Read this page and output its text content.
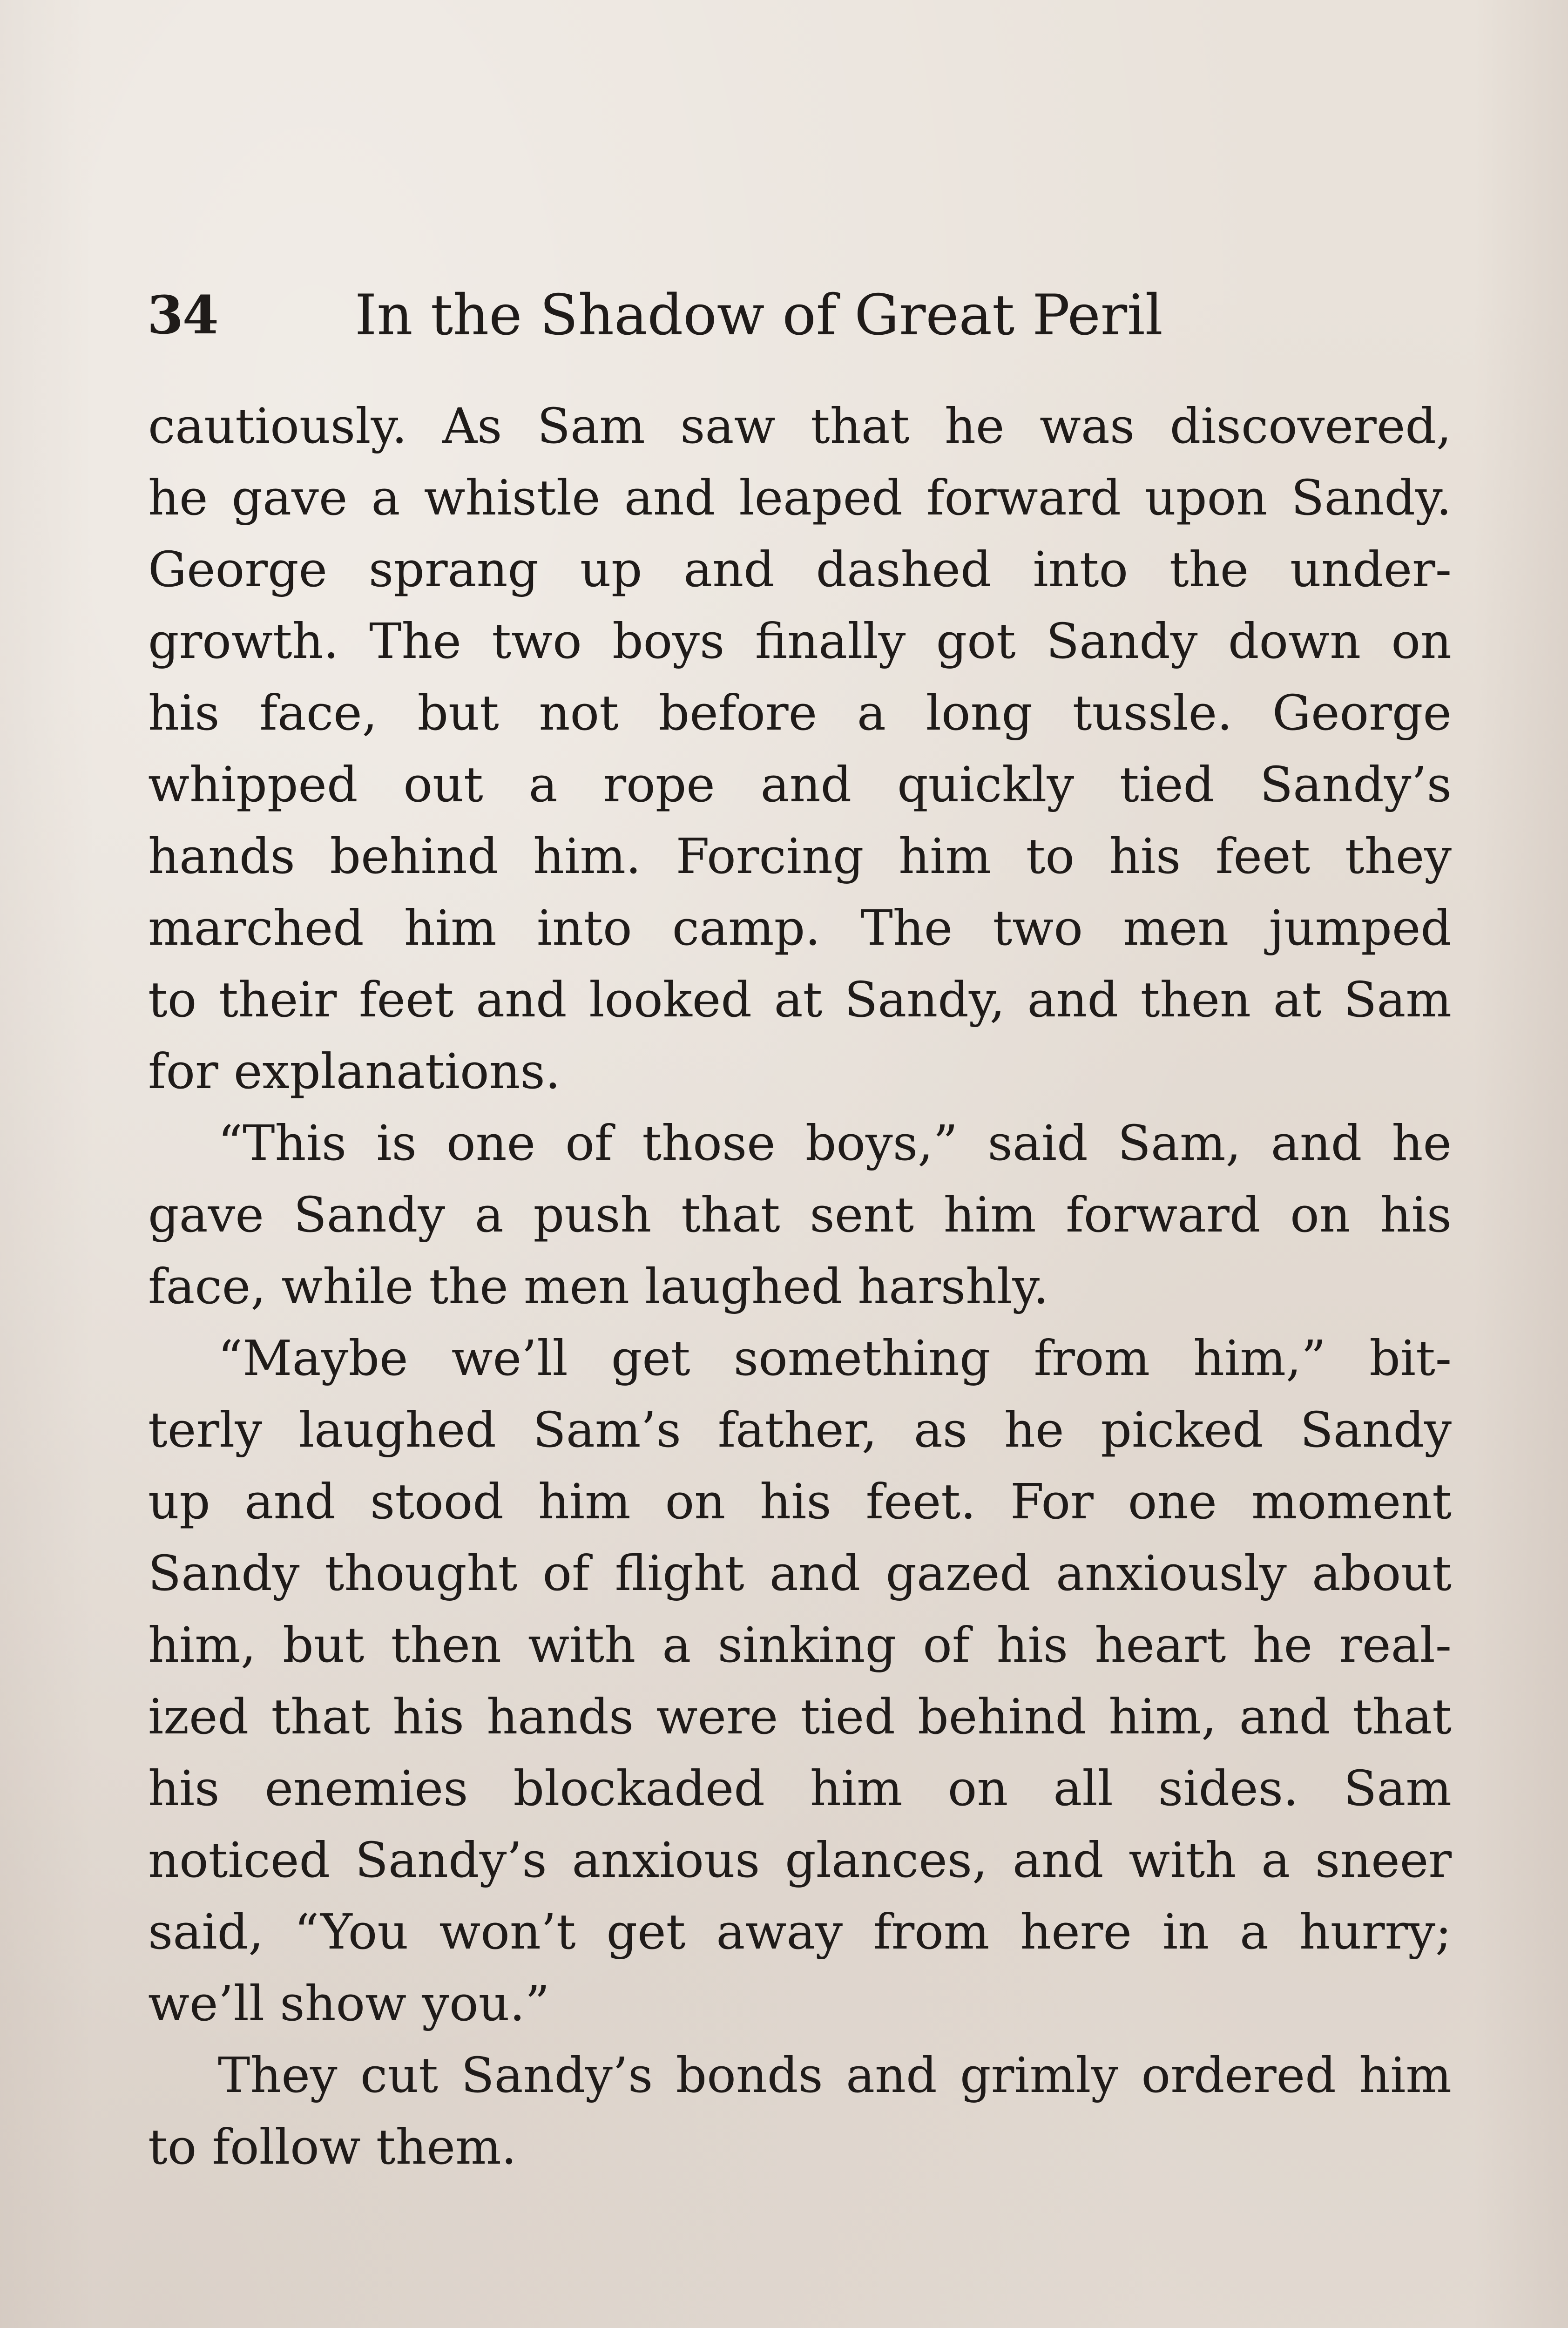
34 In the Shadow of Great Peril
cautiously. As Sam saw that he was discovered,
he gave a whistle and leaped forward upon Sandy.
George sprang up and dashed into the under-
growth. The two boys finally got Sandy down on
his face, but not before a long tussle. George
whipped out a rope and quickly tied Sandy’s
hands behind him. Forcing him to his feet they
marched him into camp. The two men jumped
to their feet and looked at Sandy, and then at Sam
for explanations.
“This is one of those boys,” said Sam, and he
gave Sandy a push that sent him forward on his
face, while the men laughed harshly.
“Maybe we’ll get something from him,” bit-
terly laughed Sam’s father, as he picked Sandy
up and stood him on his feet. For one moment
Sandy thought of flight and gazed anxiously about
him, but then with a sinking of his heart he real-
ized that his hands were tied behind him, and that
his enemies blockaded him on all sides. Sam
noticed Sandy’s anxious glances, and with a sneer
said, “You won’t get away from here in a hurry;
we’ll show you.”
They cut Sandy’s bonds and grimly ordered him
to follow them.
